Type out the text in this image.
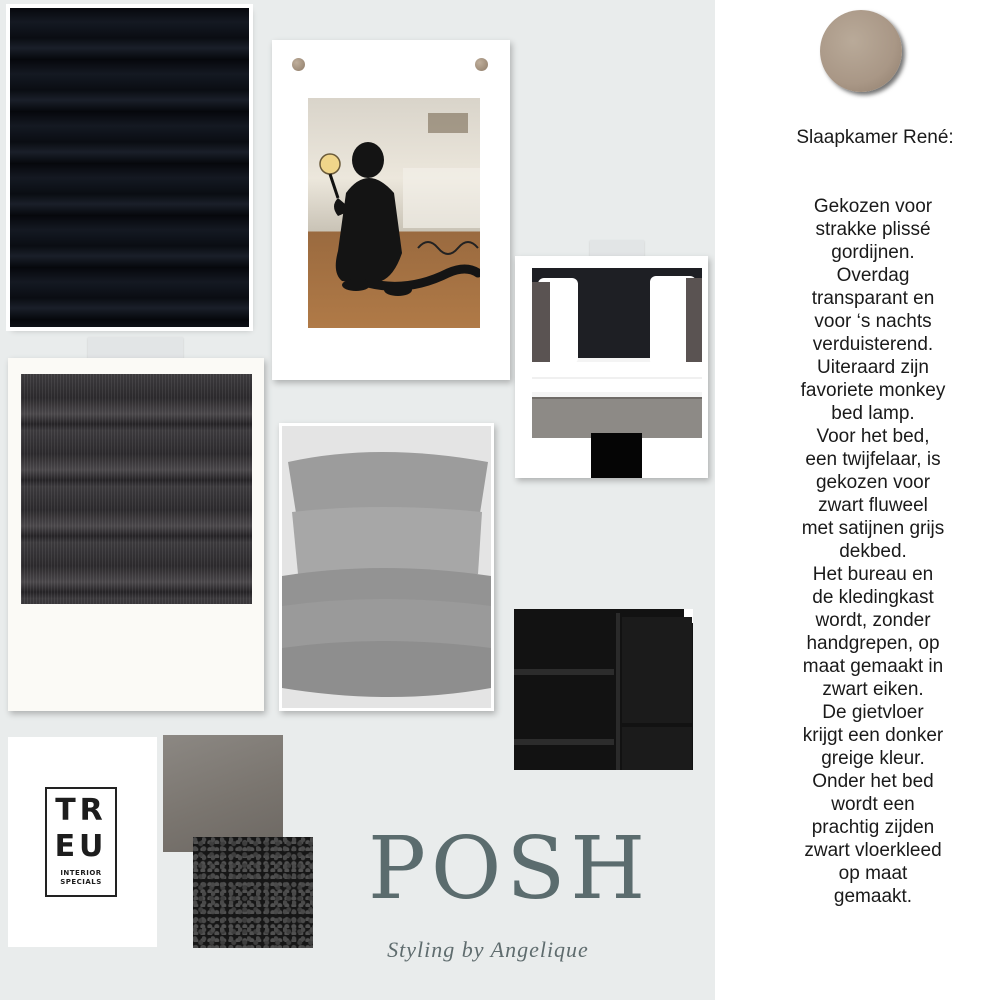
TR
EU
INTERIOR SPECIALS	POSH
Styling by Angelique
Slaapkamer René:
Gekozen voor strakke plissé gordijnen. Overdag transparant en voor ‘s nachts verduisterend.
Uiteraard zijn favoriete monkey bed lamp.
Voor het bed, een twijfelaar, is gekozen voor zwart fluweel met satijnen grijs dekbed.
Het bureau en de kledingkast wordt, zonder handgrepen, op maat gemaakt in zwart eiken.
De gietvloer krijgt een donker greige kleur.
Onder het bed wordt een prachtig zijden zwart vloerkleed op maat gemaakt.
